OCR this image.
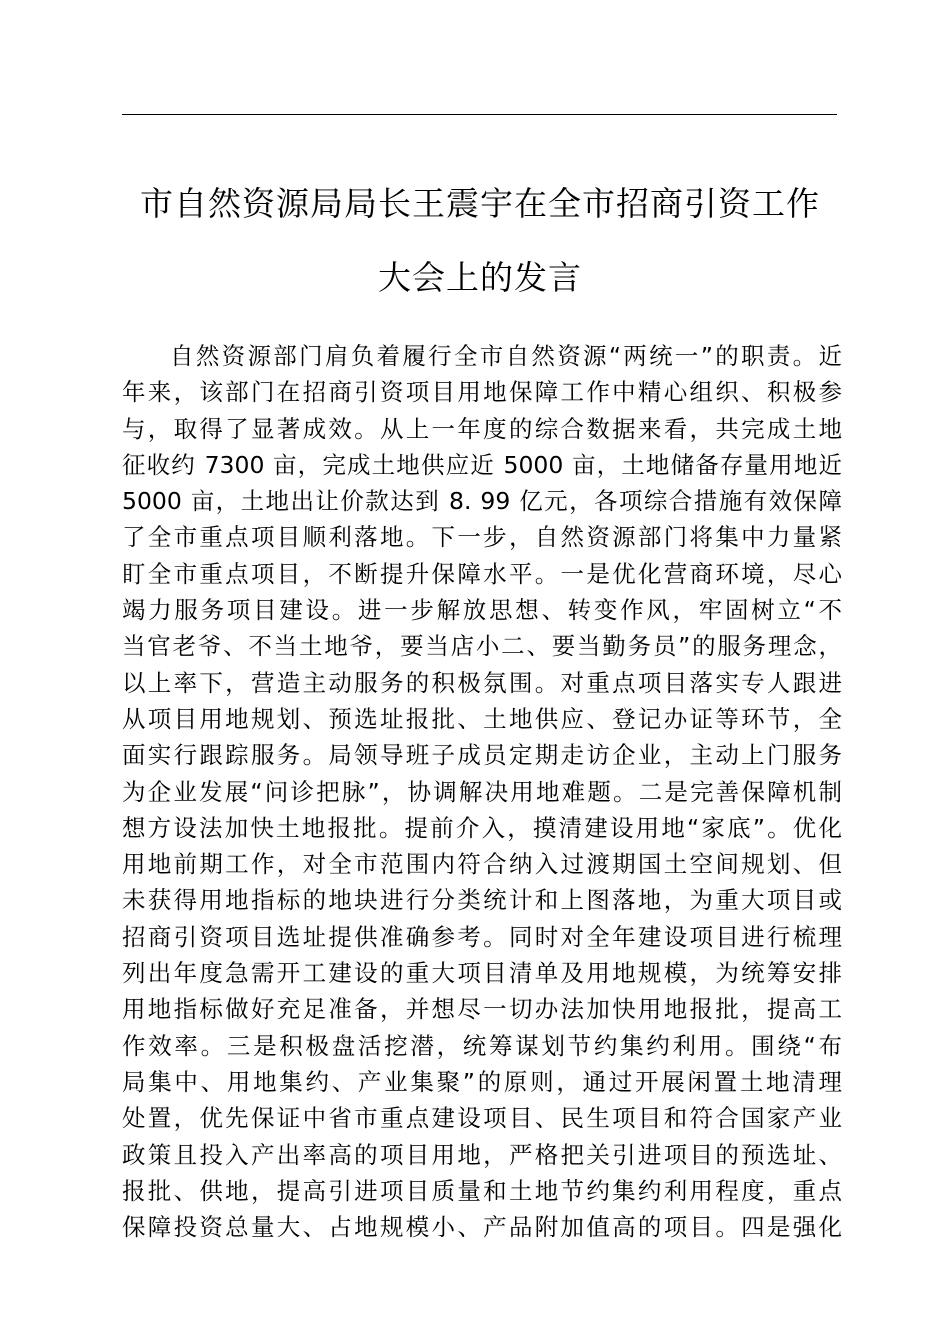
市自然资源局局长王震宇在全市招商引资工作
大会上的发言
自然资源部门肩负着履行全市自然资源“两统一”的职责。近
年来，该部门在招商引资项目用地保障工作中精心组织、积极参
与，取得了显著成效。从上一年度的综合数据来看，共完成土地
征收约 7300 亩，完成土地供应近 5000 亩，土地储备存量用地近
5000 亩，土地出让价款达到 8. 99 亿元，各项综合措施有效保障
了全市重点项目顺利落地。下一步，自然资源部门将集中力量紧
盯全市重点项目，不断提升保障水平。一是优化营商环境，尽心
竭力服务项目建设。进一步解放思想、转变作风，牢固树立“不
当官老爷、不当土地爷，要当店小二、要当勤务员”的服务理念，
以上率下，营造主动服务的积极氛围。对重点项目落实专人跟进
从项目用地规划、预选址报批、土地供应、登记办证等环节，全
面实行跟踪服务。局领导班子成员定期走访企业，主动上门服务
为企业发展“问诊把脉”，协调解决用地难题。二是完善保障机制
想方设法加快土地报批。提前介入，摸清建设用地“家底”。优化
用地前期工作，对全市范围内符合纳入过渡期国土空间规划、但
未获得用地指标的地块进行分类统计和上图落地，为重大项目或
招商引资项目选址提供准确参考。同时对全年建设项目进行梳理
列出年度急需开工建设的重大项目清单及用地规模，为统筹安排
用地指标做好充足准备，并想尽一切办法加快用地报批，提高工
作效率。三是积极盘活挖潜，统筹谋划节约集约利用。围绕“布
局集中、用地集约、产业集聚”的原则，通过开展闲置土地清理
处置，优先保证中省市重点建设项目、民生项目和符合国家产业
政策且投入产出率高的项目用地，严格把关引进项目的预选址、
报批、供地，提高引进项目质量和土地节约集约利用程度，重点
保障投资总量大、占地规模小、产品附加值高的项目。四是强化
